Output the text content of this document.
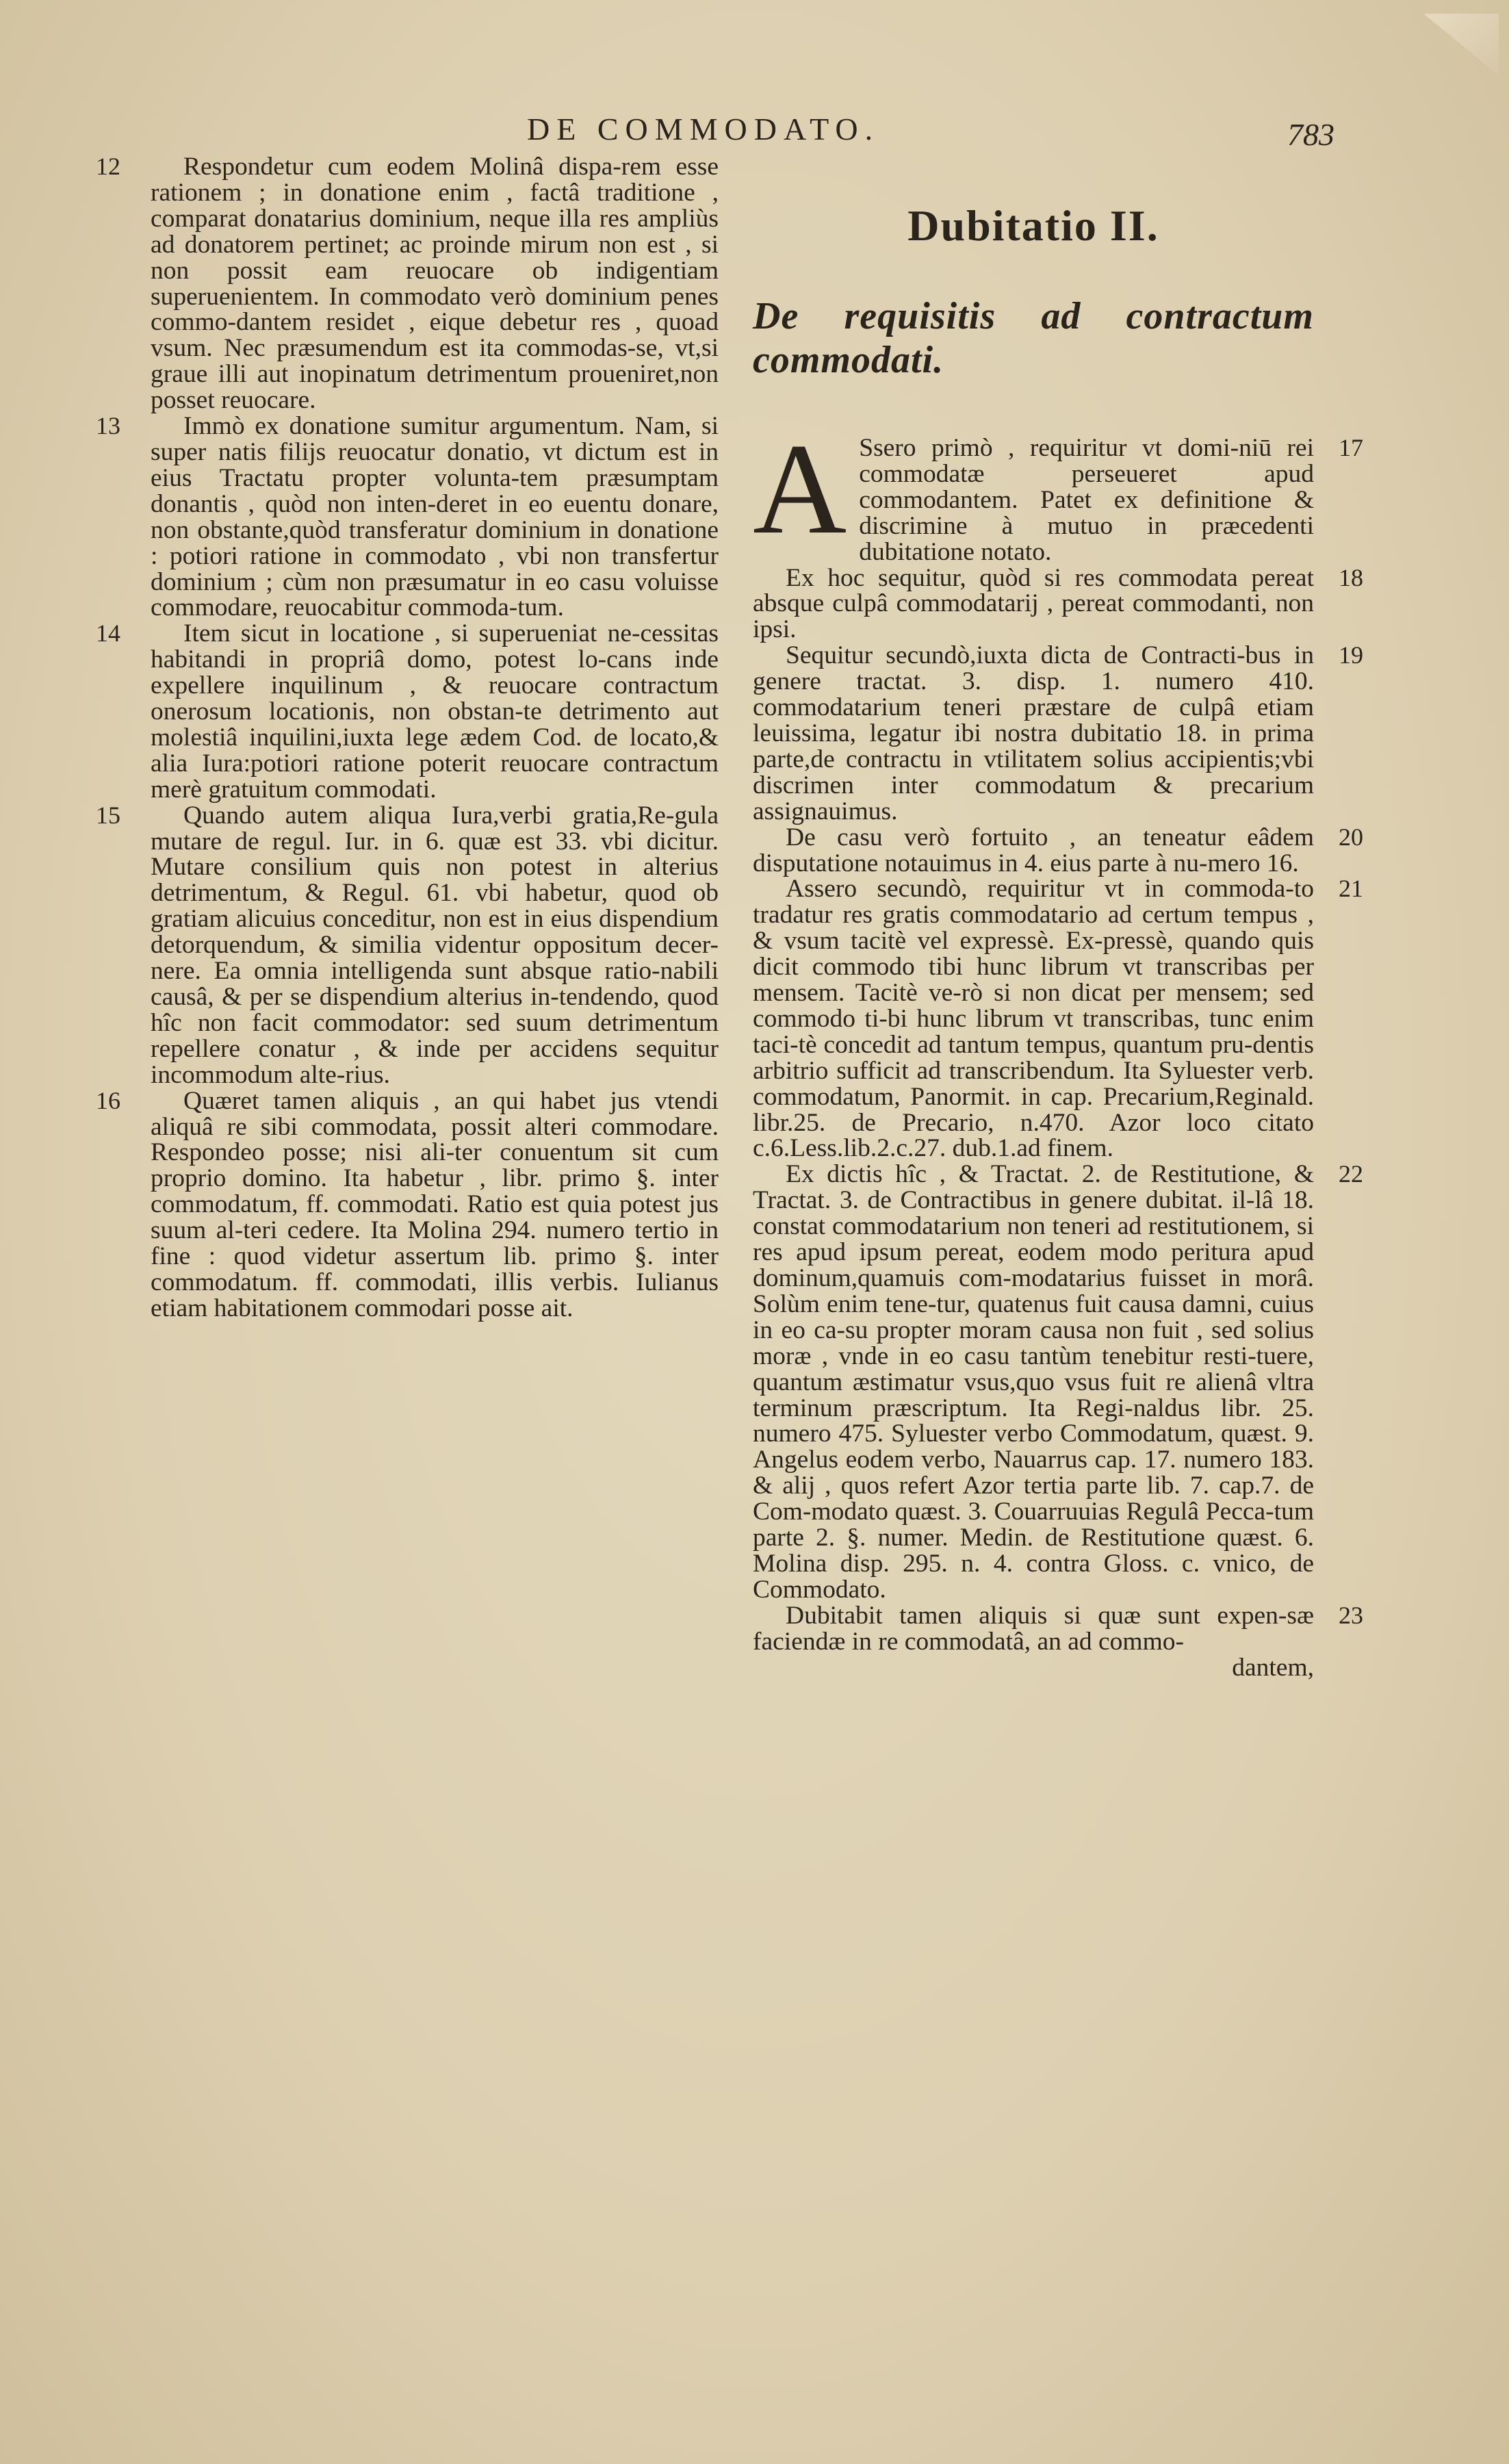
DE COMMODATO.	783

12 Respondetur cum eodem Molinâ dispa-rem esse rationem ; in donatione enim , factâ traditione , comparat donatarius dominium, neque illa res ampliùs ad donatorem pertinet; ac proinde mirum non est , si non possit eam reuocare ob indigentiam superuenientem. In commodato verò dominium penes commo-dantem residet , eique debetur res , quoad vsum. Nec præsumendum est ita commodas-se, vt,si graue illi aut inopinatum detrimentum proueniret,non posset reuocare.

13 Immò ex donatione sumitur argumentum. Nam, si super natis filijs reuocatur donatio, vt dictum est in eius Tractatu propter volunta-tem præsumptam donantis , quòd non inten-deret in eo euentu donare, non obstante,quòd transferatur dominium in donatione : potiori ratione in commodato , vbi non transfertur dominium ; cùm non præsumatur in eo casu voluisse commodare, reuocabitur commoda-tum.

14 Item sicut in locatione , si superueniat ne-cessitas habitandi in propriâ domo, potest lo-cans inde expellere inquilinum , & reuocare contractum onerosum locationis, non obstan-te detrimento aut molestiâ inquilini,iuxta lege ædem Cod. de locato,& alia Iura:potiori ratione poterit reuocare contractum merè gratuitum commodati.

15 Quando autem aliqua Iura,verbi gratia,Re-gula mutare de regul. Iur. in 6. quæ est 33. vbi dicitur. Mutare consilium quis non potest in alterius detrimentum, & Regul. 61. vbi habetur, quod ob gratiam alicuius conceditur, non est in eius dispendium detorquendum, & similia videntur oppositum decer-nere. Ea omnia intelligenda sunt absque ratio-nabili causâ, & per se dispendium alterius in-tendendo, quod hîc non facit commodator: sed suum detrimentum repellere conatur , & inde per accidens sequitur incommodum alte-rius.

16 Quæret tamen aliquis , an qui habet jus vtendi aliquâ re sibi commodata, possit alteri commodare. Respondeo posse; nisi ali-ter conuentum sit cum proprio domino. Ita habetur , libr. primo §. inter commodatum, ff. commodati. Ratio est quia potest jus suum al-teri cedere. Ita Molina 294. numero tertio in fine : quod videtur assertum lib. primo §. inter commodatum. ff. commodati, illis verbis. Iulianus etiam habitationem commodari posse ait.

Dubitatio II.
De requisitis ad contractum commodati.

17
A Ssero primò , requiritur vt domi-niū rei commodatæ perseueret apud commodantem. Patet ex definitione & discrimine à mutuo in præcedenti dubitatione notato.

18
Ex hoc sequitur, quòd si res commodata pereat absque culpâ commodatarij , pereat commodanti, non ipsi.

19
Sequitur secundò,iuxta dicta de Contracti-bus in genere tractat. 3. disp. 1. numero 410. commodatarium teneri præstare de culpâ etiam leuissima, legatur ibi nostra dubitatio 18. in prima parte,de contractu in vtilitatem solius accipientis;vbi discrimen inter commodatum & precarium assignauimus.

20
De casu verò fortuito , an teneatur eâdem disputatione notauimus in 4. eius parte à nu-mero 16.

21
Assero secundò, requiritur vt in commoda-to tradatur res gratis commodatario ad certum tempus , & vsum tacitè vel expressè. Ex-pressè, quando quis dicit commodo tibi hunc librum vt transcribas per mensem. Tacitè ve-rò si non dicat per mensem; sed commodo ti-bi hunc librum vt transcribas, tunc enim taci-tè concedit ad tantum tempus, quantum pru-dentis arbitrio sufficit ad transcribendum. Ita Syluester verb. commodatum, Panormit. in cap. Precarium,Reginald. libr.25. de Precario, n.470. Azor loco citato c.6.Less.lib.2.c.27. dub.1.ad finem.

22
Ex dictis hîc , & Tractat. 2. de Restitutione, & Tractat. 3. de Contractibus in genere dubitat. il-lâ 18. constat commodatarium non teneri ad restitutionem, si res apud ipsum pereat, eodem modo peritura apud dominum,quamuis com-modatarius fuisset in morâ. Solùm enim tene-tur, quatenus fuit causa damni, cuius in eo ca-su propter moram causa non fuit , sed solius moræ , vnde in eo casu tantùm tenebitur resti-tuere, quantum æstimatur vsus,quo vsus fuit re alienâ vltra terminum præscriptum. Ita Regi-naldus libr. 25. numero 475. Syluester verbo Commodatum, quæst. 9. Angelus eodem verbo, Nauarrus cap. 17. numero 183. & alij , quos refert Azor tertia parte lib. 7. cap.7. de Com-modato quæst. 3. Couarruuias Regulâ Pecca-tum parte 2. §. numer. Medin. de Restitutione quæst. 6. Molina disp. 295. n. 4. contra Gloss. c. vnico, de Commodato.

23
Dubitabit tamen aliquis si quæ sunt expen-sæ faciendæ in re commodatâ, an ad commo-

dantem,
